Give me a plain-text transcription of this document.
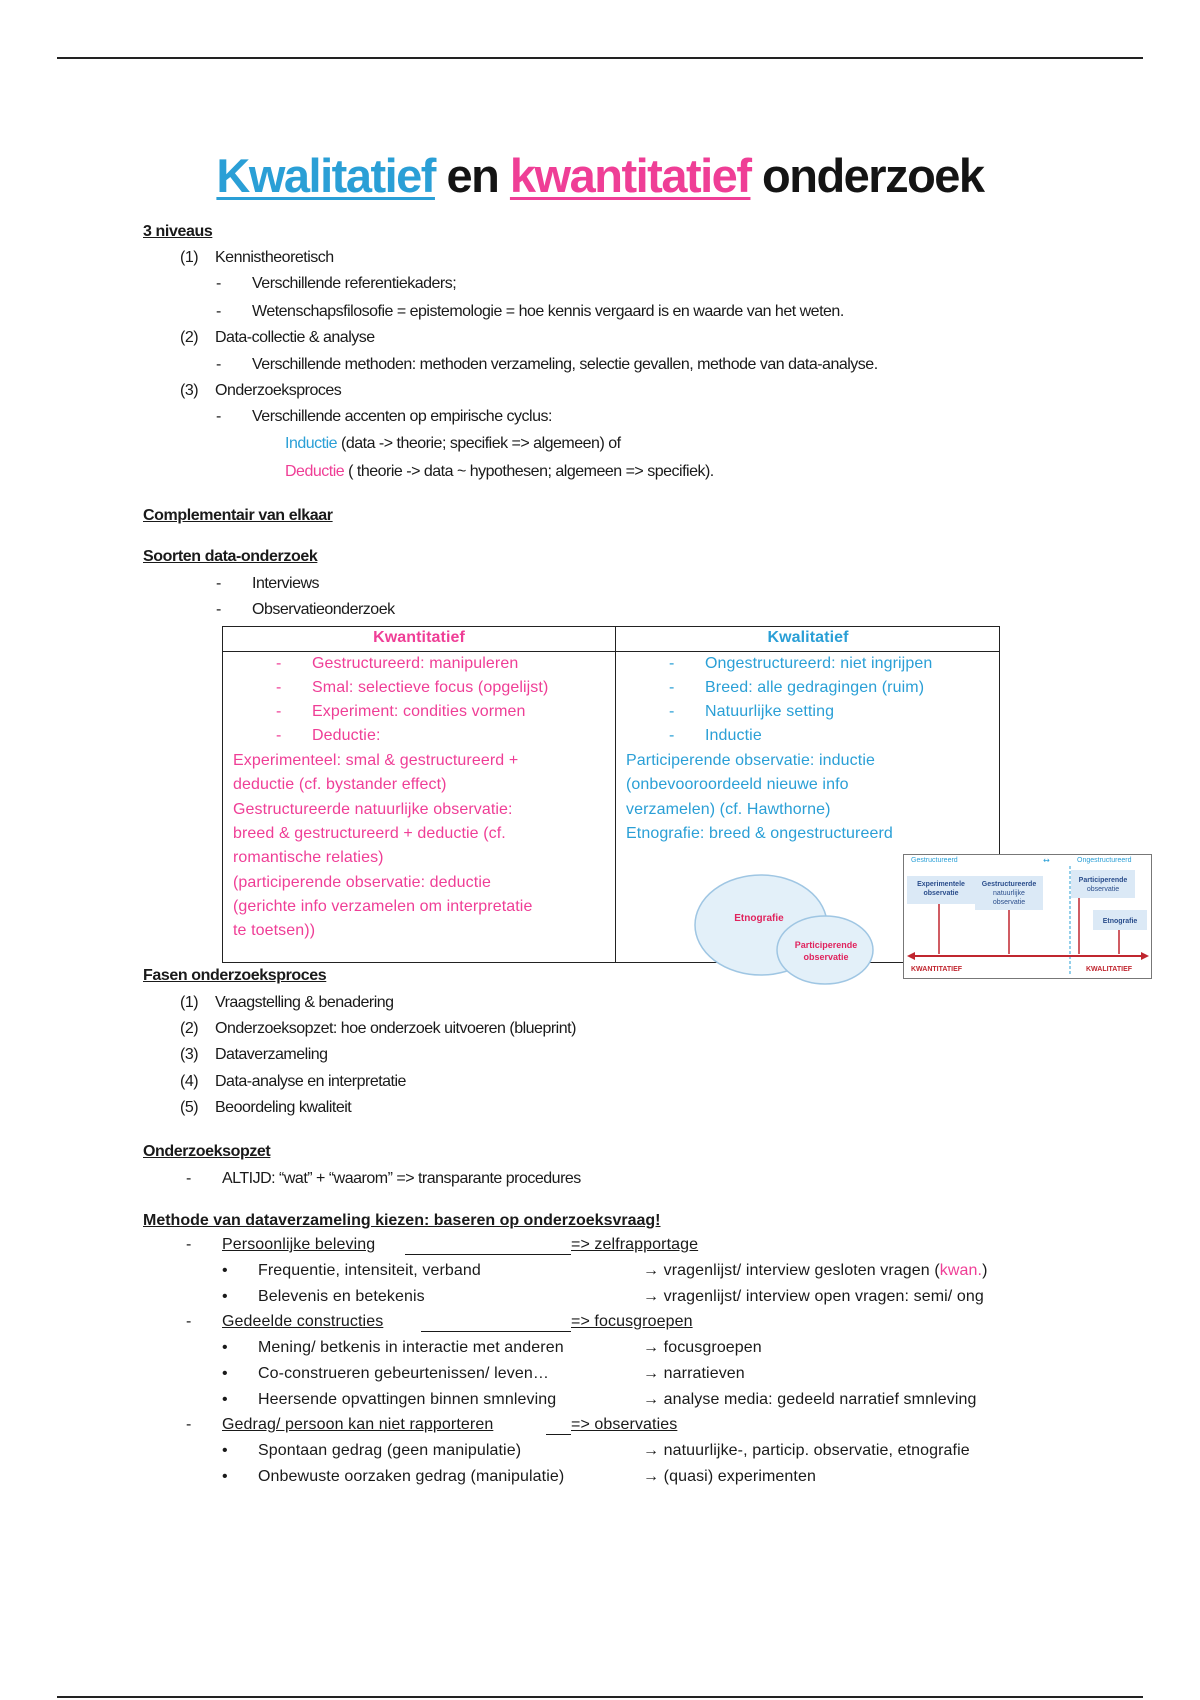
Kwalitatief en kwantitatief onderzoek
3 niveaus
(1) Kennistheoretisch
- Verschillende referentiekaders;
- Wetenschapsfilosofie = epistemologie = hoe kennis vergaard is en waarde van het weten.
(2) Data-collectie & analyse
- Verschillende methoden: methoden verzameling, selectie gevallen, methode van data-analyse.
(3) Onderzoeksproces
- Verschillende accenten op empirische cyclus:
Inductie (data -> theorie; specifiek => algemeen) of
Deductie ( theorie -> data ~ hypothesen; algemeen => specifiek).
Complementair van elkaar
Soorten data-onderzoek
- Interviews
- Observatieonderzoek
Kwantitatief	Kwalitatief
- Gestructureerd: manipuleren
- Smal: selectieve focus (opgelijst)
- Experiment: condities vormen
- Deductie:
Experimenteel: smal & gestructureerd +
deductie (cf. bystander effect)
Gestructureerde natuurlijke observatie:
breed & gestructureerd + deductie (cf.
romantische relaties)
(participerende observatie: deductie
(gerichte info verzamelen om interpretatie
te toetsen))
- Ongestructureerd: niet ingrijpen
- Breed: alle gedragingen (ruim)
- Natuurlijke setting
- Inductie
Participerende observatie: inductie
(onbevooroordeeld nieuwe info
verzamelen) (cf. Hawthorne)
Etnografie: breed & ongestructureerd
Etnografie
Participerende
observatie
Gestructureerd	↔	Ongestructureerd
Experimentele
observatie
Gestructureerde
natuurlijke
observatie
Participerende
observatie
Etnografie
KWANTITATIEF	KWALITATIEF
Fasen onderzoeksproces
(1) Vraagstelling & benadering
(2) Onderzoeksopzet: hoe onderzoek uitvoeren (blueprint)
(3) Dataverzameling
(4) Data-analyse en interpretatie
(5) Beoordeling kwaliteit
Onderzoeksopzet
- ALTIJD: “wat” + “waarom” => transparante procedures
Methode van dataverzameling kiezen: baseren op onderzoeksvraag!
- Persoonlijke beleving	=> zelfrapportage
• Frequentie, intensiteit, verband	→ vragenlijst/ interview gesloten vragen (kwan.)
• Belevenis en betekenis	→ vragenlijst/ interview open vragen: semi/ ong
- Gedeelde constructies	=> focusgroepen
• Mening/ betkenis in interactie met anderen	→ focusgroepen
• Co-construeren gebeurtenissen/ leven…	→ narratieven
• Heersende opvattingen binnen smnleving	→ analyse media: gedeeld narratief smnleving
- Gedrag/ persoon kan niet rapporteren	=> observaties
• Spontaan gedrag (geen manipulatie)	→ natuurlijke-, particip. observatie, etnografie
• Onbewuste oorzaken gedrag (manipulatie)	→ (quasi) experimenten
